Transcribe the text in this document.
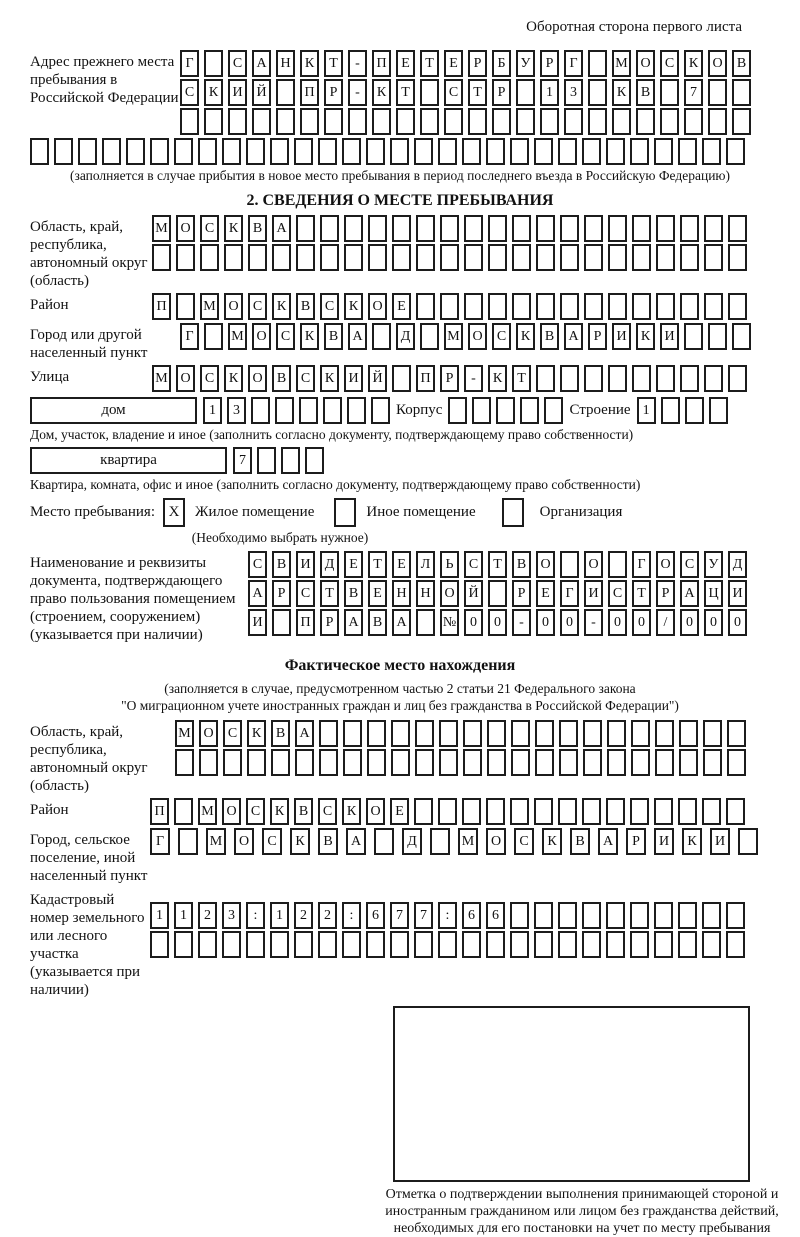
Оборотная сторона первого листа
Адрес прежнего места пребывания в Российской Федерации
Г	С	А Н	К	Т	-	П	Е	Т	Е	Р	Б	У	Р	Г	М О	С	К	О	В
С	К	И Й	П	Р	-	К	Т	С	Т	Р	1	3	К	В	7
(заполняется в случае прибытия в новое место пребывания в период последнего въезда в Российскую Федерацию)
2. СВЕДЕНИЯ О МЕСТЕ ПРЕБЫВАНИЯ
Область, край, республика, автономный округ (область)
М О	С	К	В	А
Район	П	М О	С	К	В	С	К	О	Е
Город или другой населенный пункт
Г	М О	С	К	В	А	Д	М О	С	К	В	А	Р	И	К	И
Улица	М О	С	К	О	В	С	К	И Й	П	Р	-	К	Т
дом	1	3	Корпус	Строение 1
Дом, участок, владение и иное (заполнить согласно документу, подтверждающему право собственности)
квартира	7
Квартира, комната, офис и иное (заполнить согласно документу, подтверждающему право собственности)
Место пребывания: X	Жилое помещение	Иное помещение	Организация
(Необходимо выбрать нужное)
Наименование и реквизиты документа, подтверждающего право пользования помещением (строением, сооружением) (указывается при наличии)
С	В	И	Д	Е	Т	Е	Л	Ь	С	Т	В	О	О	Г	О	С	У	Д
А	Р	С	Т	В	Е	Н Н О Й	Р	Е	Г	И	С	Т	Р	А Ц И
И	П	Р	А	В	А	№ 0	0	-	0	0	-	0	0	/	0	0	0
Фактическое место нахождения
(заполняется в случае, предусмотренном частью 2 статьи 21 Федерального закона
"О миграционном учете иностранных граждан и лиц без гражданства в Российской Федерации")
Область, край, республика, автономный округ (область)
М О	С	К	В	А
Район	П	М О	С	К	В	С	К	О	Е
Город, сельское поселение, иной населенный пункт
Г	М	О	С	К	В	А	Д	М	О	С	К	В	А	Р	И	К	И
Кадастровый номер земельного или лесного участка (указывается при наличии)
1	1	2	3	:	1	2	2	:	6	7	7	:	6	6
Отметка о подтверждении выполнения принимающей стороной и иностранным гражданином или лицом без гражданства действий, необходимых для его постановки на учет по месту пребывания
